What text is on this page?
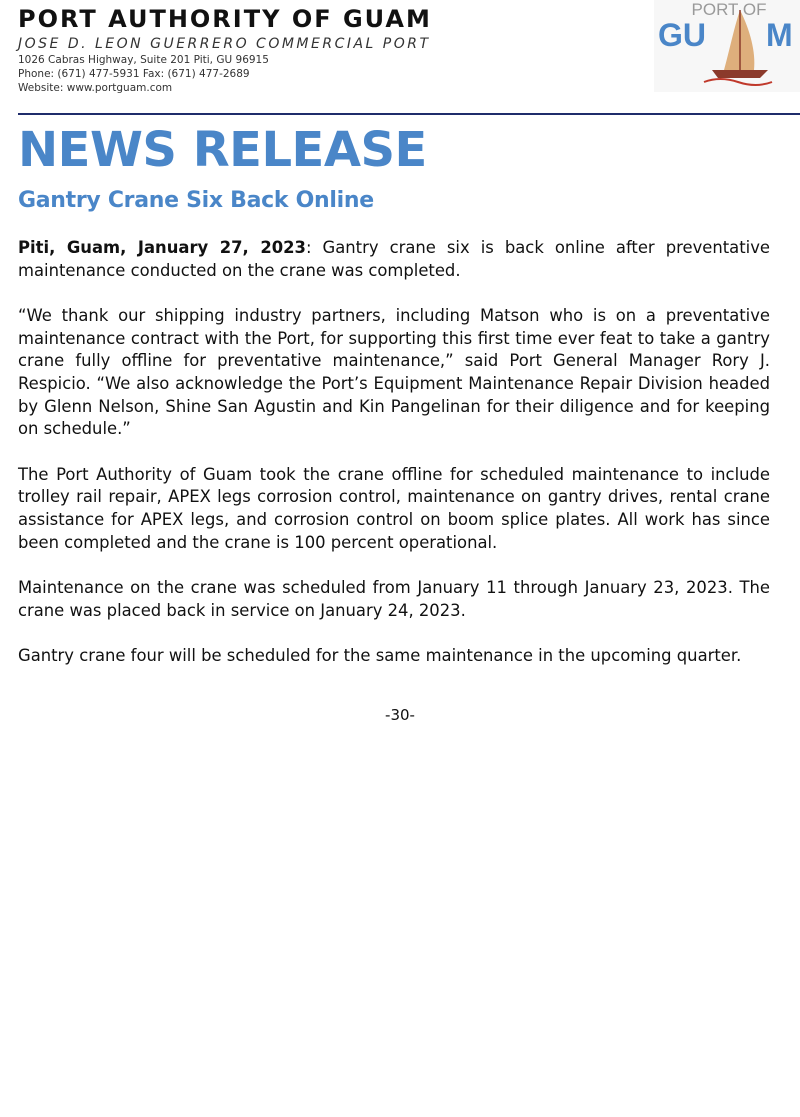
PORT AUTHORITY OF GUAM
JOSE D. LEON GUERRERO COMMERCIAL PORT
1026 Cabras Highway, Suite 201 Piti, GU 96915
Phone: (671) 477-5931 Fax: (671) 477-2689
Website: www.portguam.com
PORT OF
GU M
NEWS RELEASE
Gantry Crane Six Back Online

Piti, Guam, January 27, 2023: Gantry crane six is back online after preventative maintenance conducted on the crane was completed.

“We thank our shipping industry partners, including Matson who is on a preventative maintenance contract with the Port, for supporting this first time ever feat to take a gantry crane fully offline for preventative maintenance,” said Port General Manager Rory J. Respicio. “We also acknowledge the Port’s Equipment Maintenance Repair Division headed by Glenn Nelson, Shine San Agustin and Kin Pangelinan for their diligence and for keeping on schedule.”

The Port Authority of Guam took the crane offline for scheduled maintenance to include trolley rail repair, APEX legs corrosion control, maintenance on gantry drives, rental crane assistance for APEX legs, and corrosion control on boom splice plates. All work has since been completed and the crane is 100 percent operational.

Maintenance on the crane was scheduled from January 11 through January 23, 2023. The crane was placed back in service on January 24, 2023.

Gantry crane four will be scheduled for the same maintenance in the upcoming quarter.

-30-
